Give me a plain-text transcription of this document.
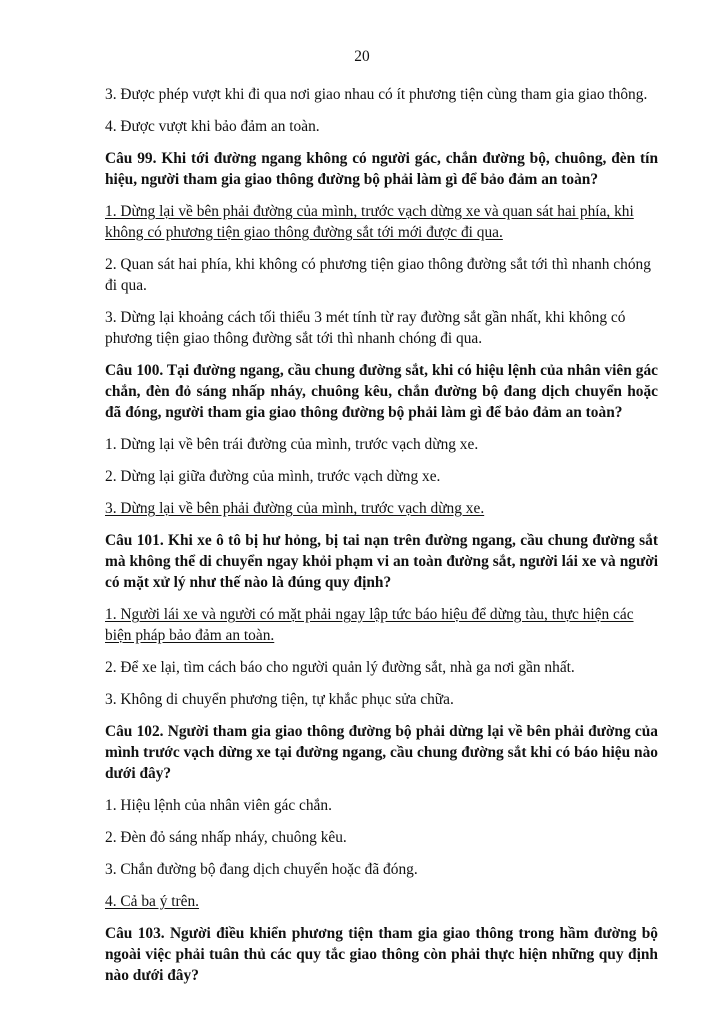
20

3. Được phép vượt khi đi qua nơi giao nhau có ít phương tiện cùng tham gia giao thông.

4. Được vượt khi bảo đảm an toàn.

Câu 99. Khi tới đường ngang không có người gác, chắn đường bộ, chuông, đèn tín hiệu, người tham gia giao thông đường bộ phải làm gì để bảo đảm an toàn?

1. Dừng lại về bên phải đường của mình, trước vạch dừng xe và quan sát hai phía, khi không có phương tiện giao thông đường sắt tới mới được đi qua.

2. Quan sát hai phía, khi không có phương tiện giao thông đường sắt tới thì nhanh chóng đi qua.

3. Dừng lại khoảng cách tối thiểu 3 mét tính từ ray đường sắt gần nhất, khi không có phương tiện giao thông đường sắt tới thì nhanh chóng đi qua.

Câu 100. Tại đường ngang, cầu chung đường sắt, khi có hiệu lệnh của nhân viên gác chắn, đèn đỏ sáng nhấp nháy, chuông kêu, chắn đường bộ đang dịch chuyển hoặc đã đóng, người tham gia giao thông đường bộ phải làm gì để bảo đảm an toàn?

1. Dừng lại về bên trái đường của mình, trước vạch dừng xe.

2. Dừng lại giữa đường của mình, trước vạch dừng xe.

3. Dừng lại về bên phải đường của mình, trước vạch dừng xe.

Câu 101. Khi xe ô tô bị hư hỏng, bị tai nạn trên đường ngang, cầu chung đường sắt mà không thể di chuyển ngay khỏi phạm vi an toàn đường sắt, người lái xe và người có mặt xử lý như thế nào là đúng quy định?

1. Người lái xe và người có mặt phải ngay lập tức báo hiệu để dừng tàu, thực hiện các biện pháp bảo đảm an toàn.

2. Để xe lại, tìm cách báo cho người quản lý đường sắt, nhà ga nơi gần nhất.

3. Không di chuyển phương tiện, tự khắc phục sửa chữa.

Câu 102. Người tham gia giao thông đường bộ phải dừng lại về bên phải đường của mình trước vạch dừng xe tại đường ngang, cầu chung đường sắt khi có báo hiệu nào dưới đây?

1. Hiệu lệnh của nhân viên gác chắn.

2. Đèn đỏ sáng nhấp nháy, chuông kêu.

3. Chắn đường bộ đang dịch chuyển hoặc đã đóng.

4. Cả ba ý trên.

Câu 103. Người điều khiển phương tiện tham gia giao thông trong hầm đường bộ ngoài việc phải tuân thủ các quy tắc giao thông còn phải thực hiện những quy định nào dưới đây?
